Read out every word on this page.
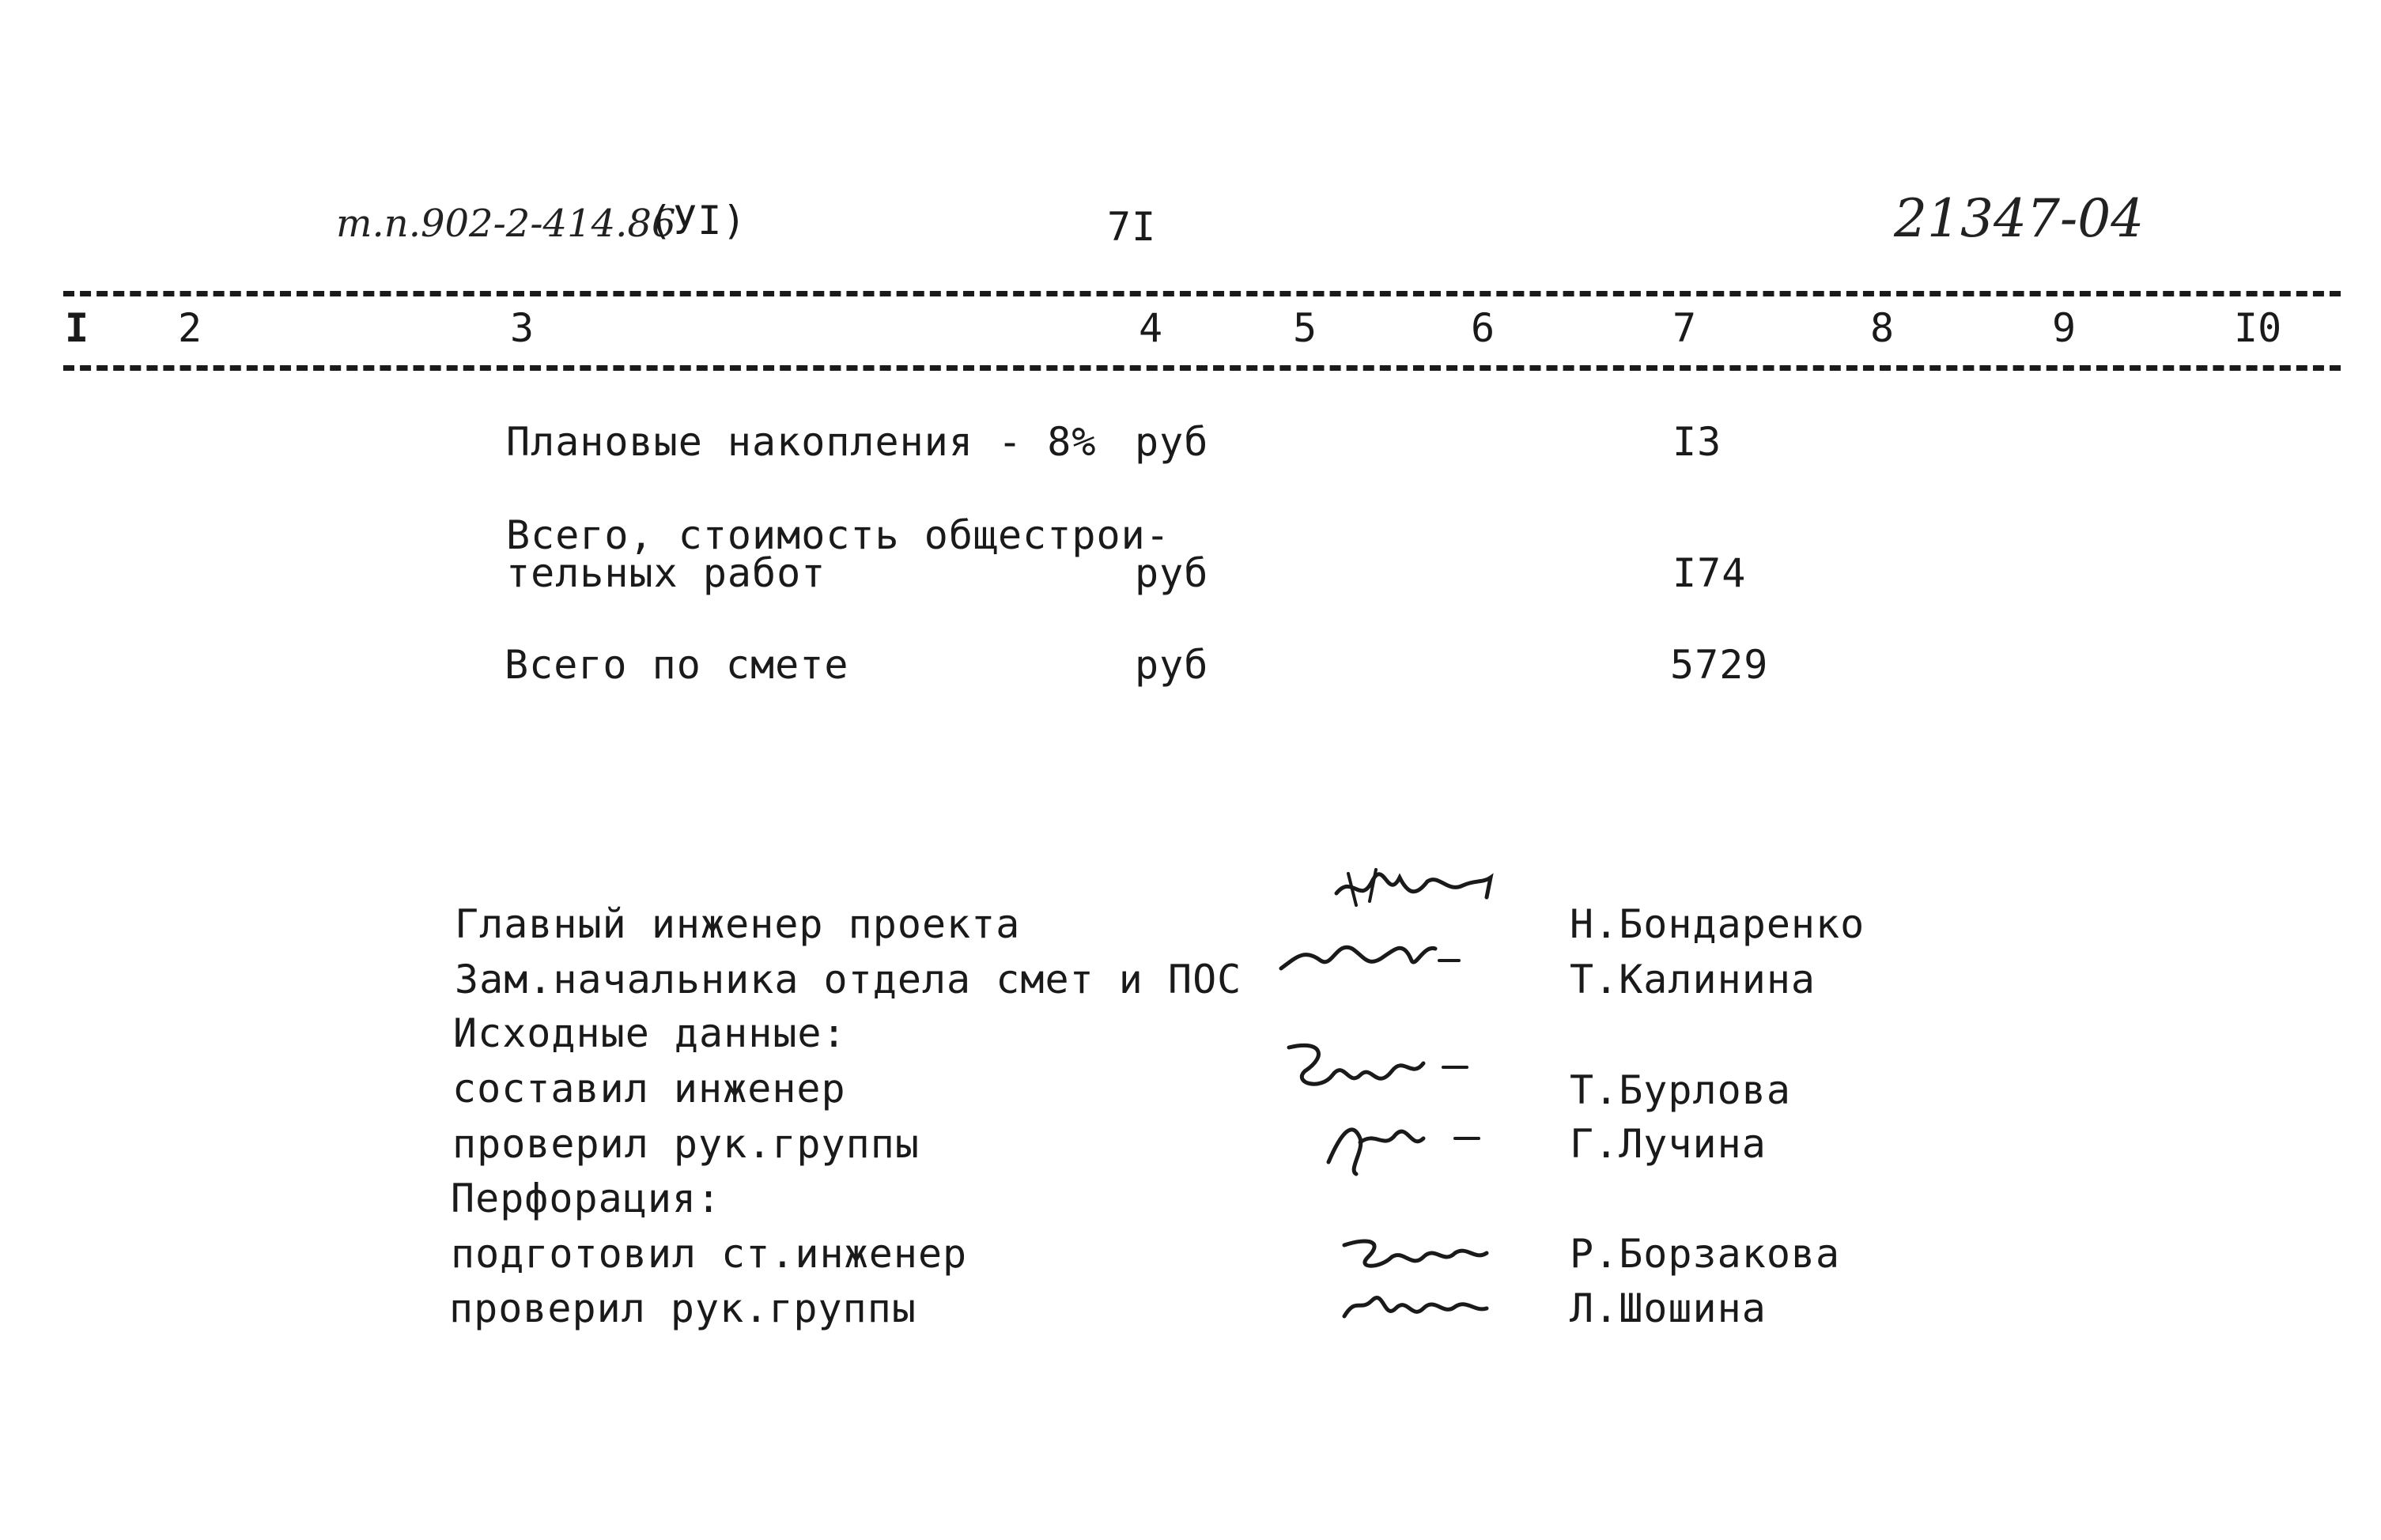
т.п.902-2-414.86
(УI)	7I	21347-04
I 2	3	4	5	6	7	8	9	I0
Плановые накопления - 8% руб	I3
Всего, стоимость общестрои-
тельных работ	руб	I74
Всего по смете	руб	5729
Главный инженер проекта	Н.Бондаренко
Зам.начальника отдела смет и ПОС	Т.Калинина
Исходные данные:
составил инженер	Т.Бурлова
проверил рук.группы	Г.Лучина
Перфорация:
подготовил ст.инженер	Р.Борзакова
проверил рук.группы	Л.Шошина
